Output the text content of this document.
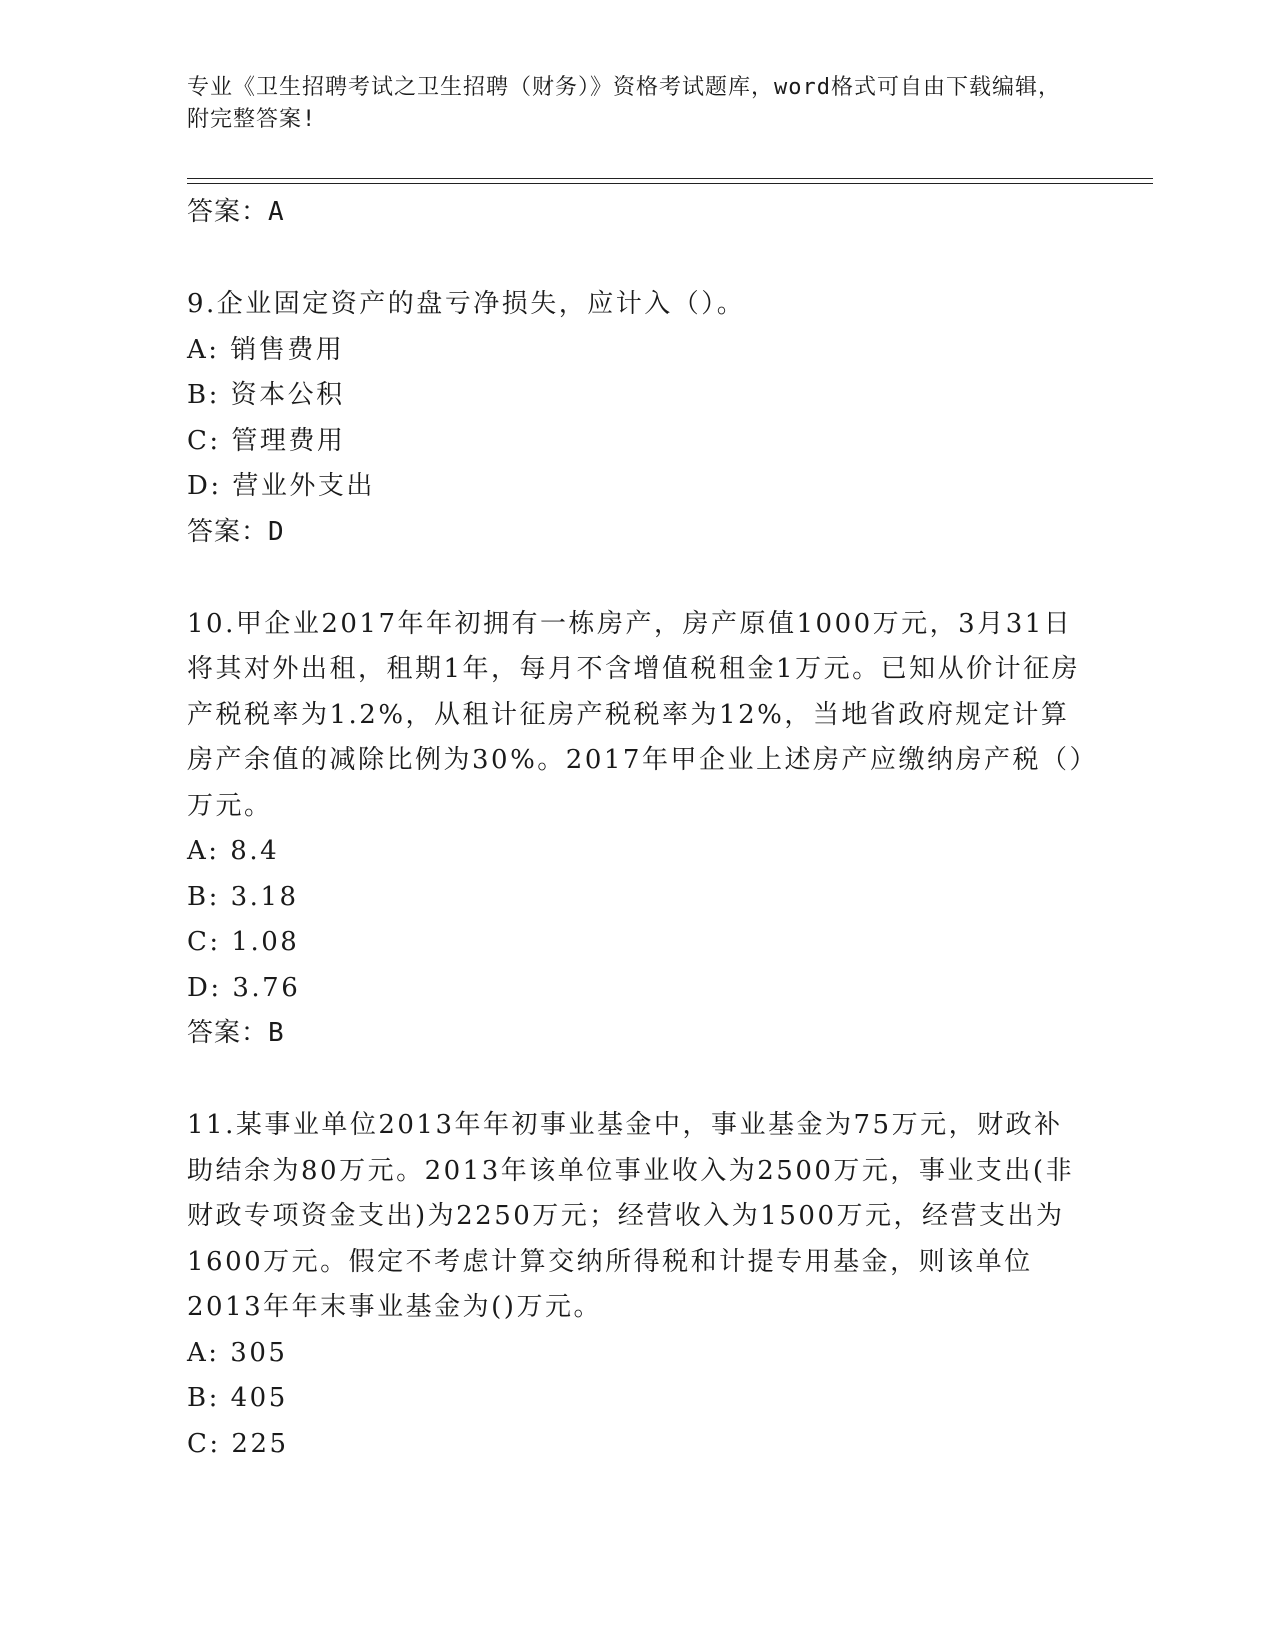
专业《卫生招聘考试之卫生招聘（财务）》资格考试题库，word格式可自由下载编辑，附完整答案!

答案：A

9.企业固定资产的盘亏净损失，应计入（）。

A: 销售费用

B: 资本公积

C: 管理费用

D: 营业外支出

答案：D

10.甲企业2017年年初拥有一栋房产，房产原值1000万元，3月31日将其对外出租，租期1年，每月不含增值税租金1万元。已知从价计征房产税税率为1.2%，从租计征房产税税率为12%，当地省政府规定计算房产余值的减除比例为30%。2017年甲企业上述房产应缴纳房产税（）万元。

A: 8.4

B: 3.18

C: 1.08

D: 3.76

答案：B

11.某事业单位2013年年初事业基金中，事业基金为75万元，财政补助结余为80万元。2013年该单位事业收入为2500万元，事业支出(非财政专项资金支出)为2250万元；经营收入为1500万元，经营支出为1600万元。假定不考虑计算交纳所得税和计提专用基金，则该单位2013年年末事业基金为()万元。

A: 305

B: 405

C: 225
